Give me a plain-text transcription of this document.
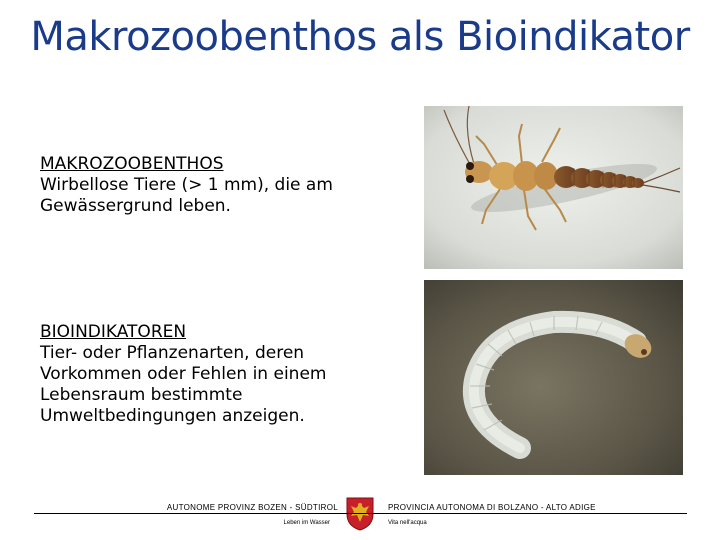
Makrozoobenthos als Bioindikator
MAKROZOOBENTHOS
Wirbellose Tiere (> 1 mm), die am
Gewässergrund leben.
BIOINDIKATOREN
Tier- oder Pflanzenarten, deren
Vorkommen oder Fehlen in einem
Lebensraum bestimmte
Umweltbedingungen anzeigen.
AUTONOME PROVINZ BOZEN - SÜDTIROL
Leben im Wasser
PROVINCIA AUTONOMA DI BOLZANO - ALTO ADIGE
Vita nell'acqua
